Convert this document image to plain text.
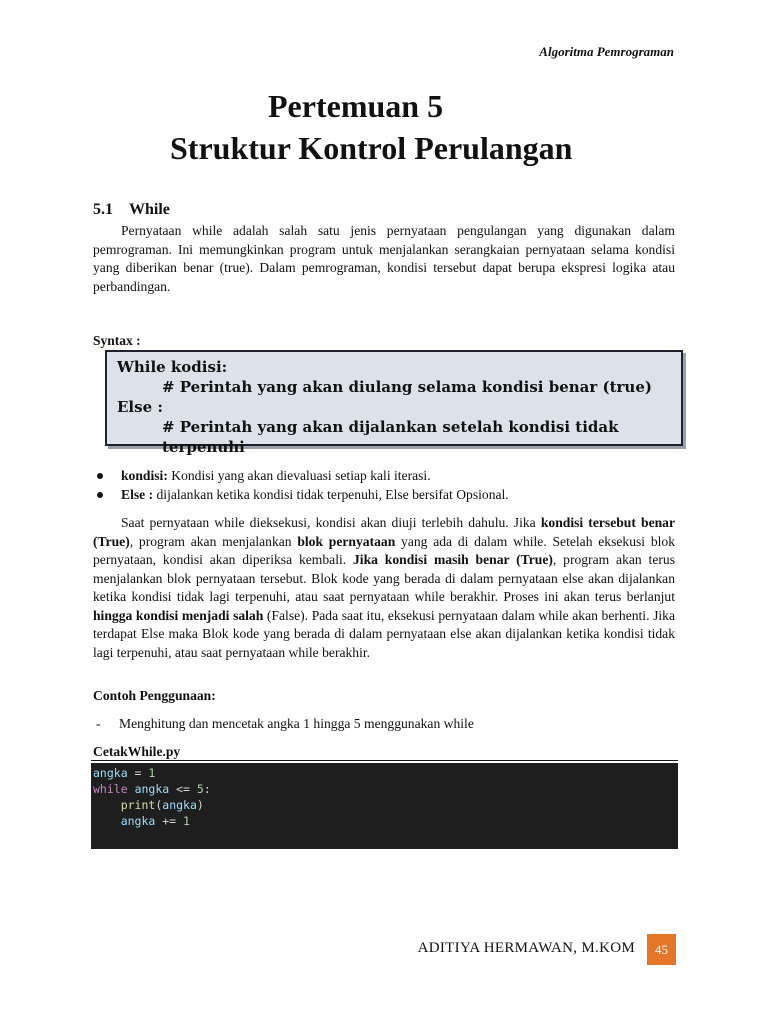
Algoritma Pemrograman
Pertemuan 5
Struktur Kontrol Perulangan
5.1 While
Pernyataan while adalah salah satu jenis pernyataan pengulangan yang digunakan dalam pemrograman. Ini memungkinkan program untuk menjalankan serangkaian pernyataan selama kondisi yang diberikan benar (true). Dalam pemrograman, kondisi tersebut dapat berupa ekspresi logika atau perbandingan.
Syntax :
While kodisi:
# Perintah yang akan diulang selama kondisi benar (true)
Else :
# Perintah yang akan dijalankan setelah kondisi tidak terpenuhi
kondisi: Kondisi yang akan dievaluasi setiap kali iterasi.
Else : dijalankan ketika kondisi tidak terpenuhi, Else bersifat Opsional.
Saat pernyataan while dieksekusi, kondisi akan diuji terlebih dahulu. Jika kondisi tersebut benar (True), program akan menjalankan blok pernyataan yang ada di dalam while. Setelah eksekusi blok pernyataan, kondisi akan diperiksa kembali. Jika kondisi masih benar (True), program akan terus menjalankan blok pernyataan tersebut. Blok kode yang berada di dalam pernyataan else akan dijalankan ketika kondisi tidak lagi terpenuhi, atau saat pernyataan while berakhir. Proses ini akan terus berlanjut hingga kondisi menjadi salah (False). Pada saat itu, eksekusi pernyataan dalam while akan berhenti. Jika terdapat Else maka Blok kode yang berada di dalam pernyataan else akan dijalankan ketika kondisi tidak lagi terpenuhi, atau saat pernyataan while berakhir.
Contoh Penggunaan:
- Menghitung dan mencetak angka 1 hingga 5 menggunakan while
CetakWhile.py
angka = 1
while angka <= 5:
print(angka)
angka += 1
ADITIYA HERMAWAN, M.KOM	45
